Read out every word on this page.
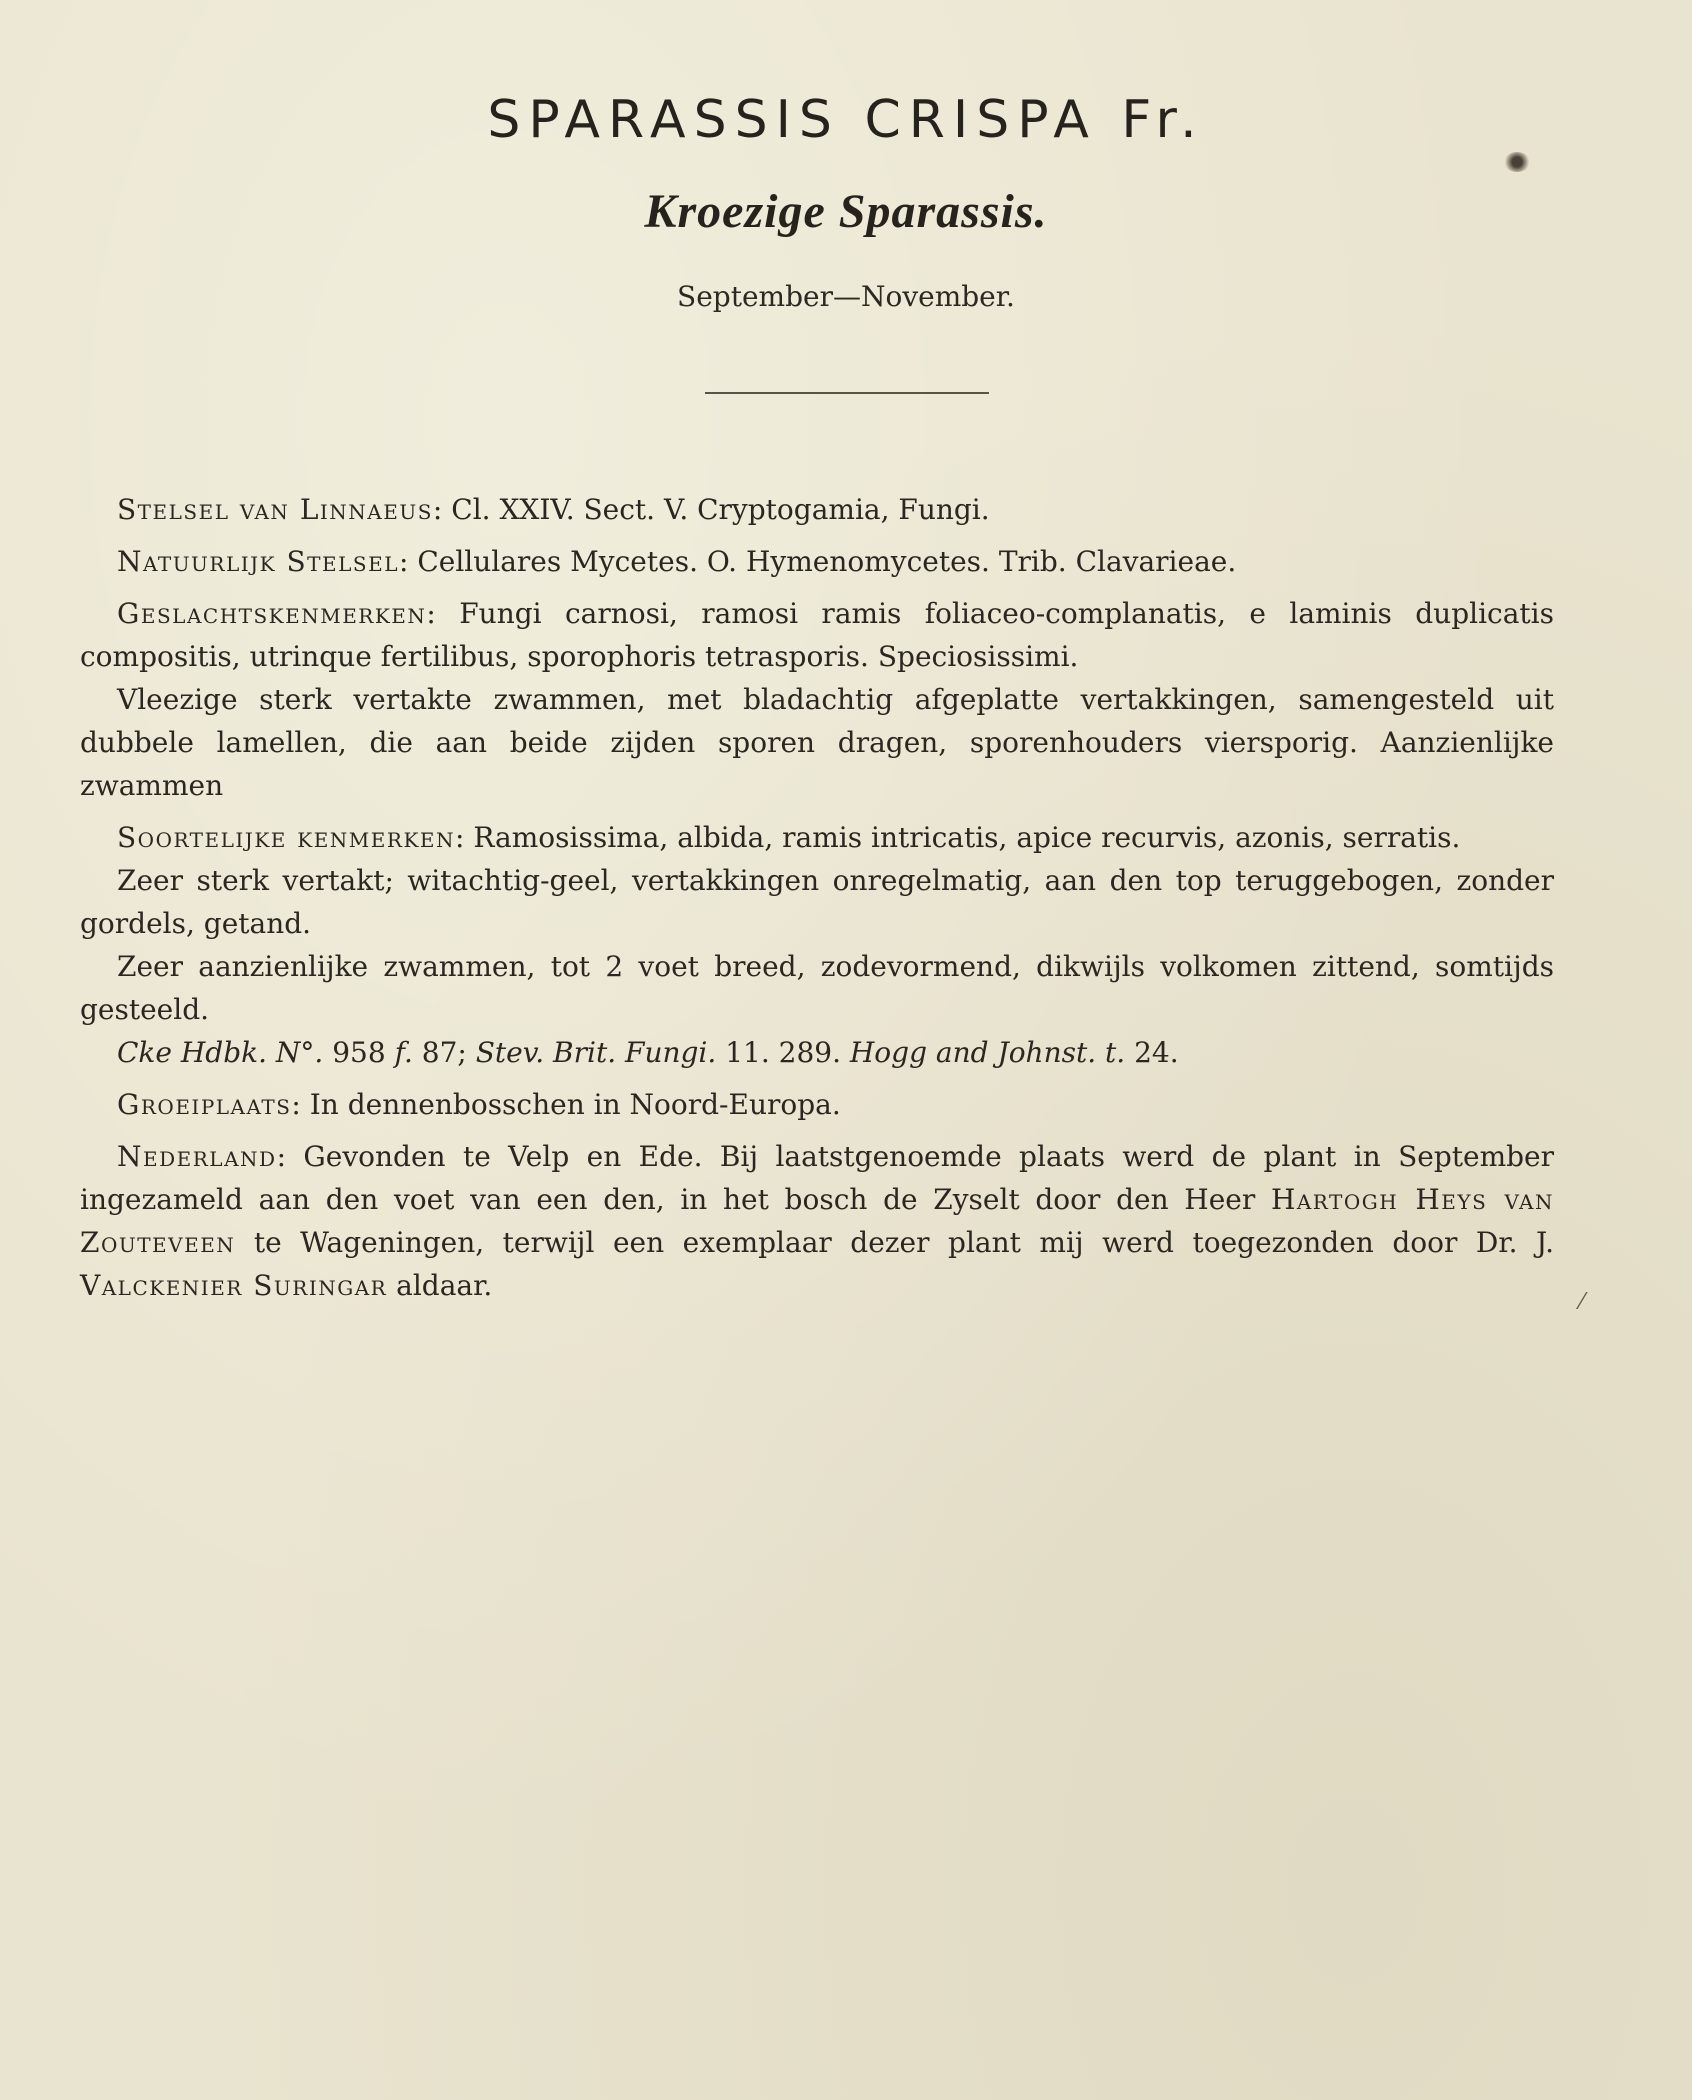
SPARASSIS CRISPA Fr.
Kroezige Sparassis.
September—November.

Stelsel van Linnaeus: Cl. XXIV. Sect. V. Cryptogamia, Fungi.

Natuurlijk Stelsel: Cellulares Mycetes. O. Hymenomycetes. Trib. Clavarieae.

Geslachtskenmerken: Fungi carnosi, ramosi ramis foliaceo-complanatis, e laminis duplicatis compositis, utrinque fertilibus, sporophoris tetrasporis. Speciosissimi.

Vleezige sterk vertakte zwammen, met bladachtig afgeplatte vertakkingen, samengesteld uit dubbele lamellen, die aan beide zijden sporen dragen, sporenhouders viersporig. Aanzienlijke zwammen

Soortelijke kenmerken: Ramosissima, albida, ramis intricatis, apice recurvis, azonis, serratis.

Zeer sterk vertakt; witachtig-geel, vertakkingen onregelmatig, aan den top teruggebogen, zonder gordels, getand.

Zeer aanzienlijke zwammen, tot 2 voet breed, zodevormend, dikwijls volkomen zittend, somtijds gesteeld.

Cke Hdbk. N°. 958 f. 87; Stev. Brit. Fungi. 11. 289. Hogg and Johnst. t. 24.

Groeiplaats: In dennenbosschen in Noord-Europa.

Nederland: Gevonden te Velp en Ede. Bij laatstgenoemde plaats werd de plant in September ingezameld aan den voet van een den, in het bosch de Zyselt door den Heer Hartogh Heys van Zouteveen te Wageningen, terwijl een exemplaar dezer plant mij werd toegezonden door Dr. J. Valckenier Suringar aldaar.

⁄
